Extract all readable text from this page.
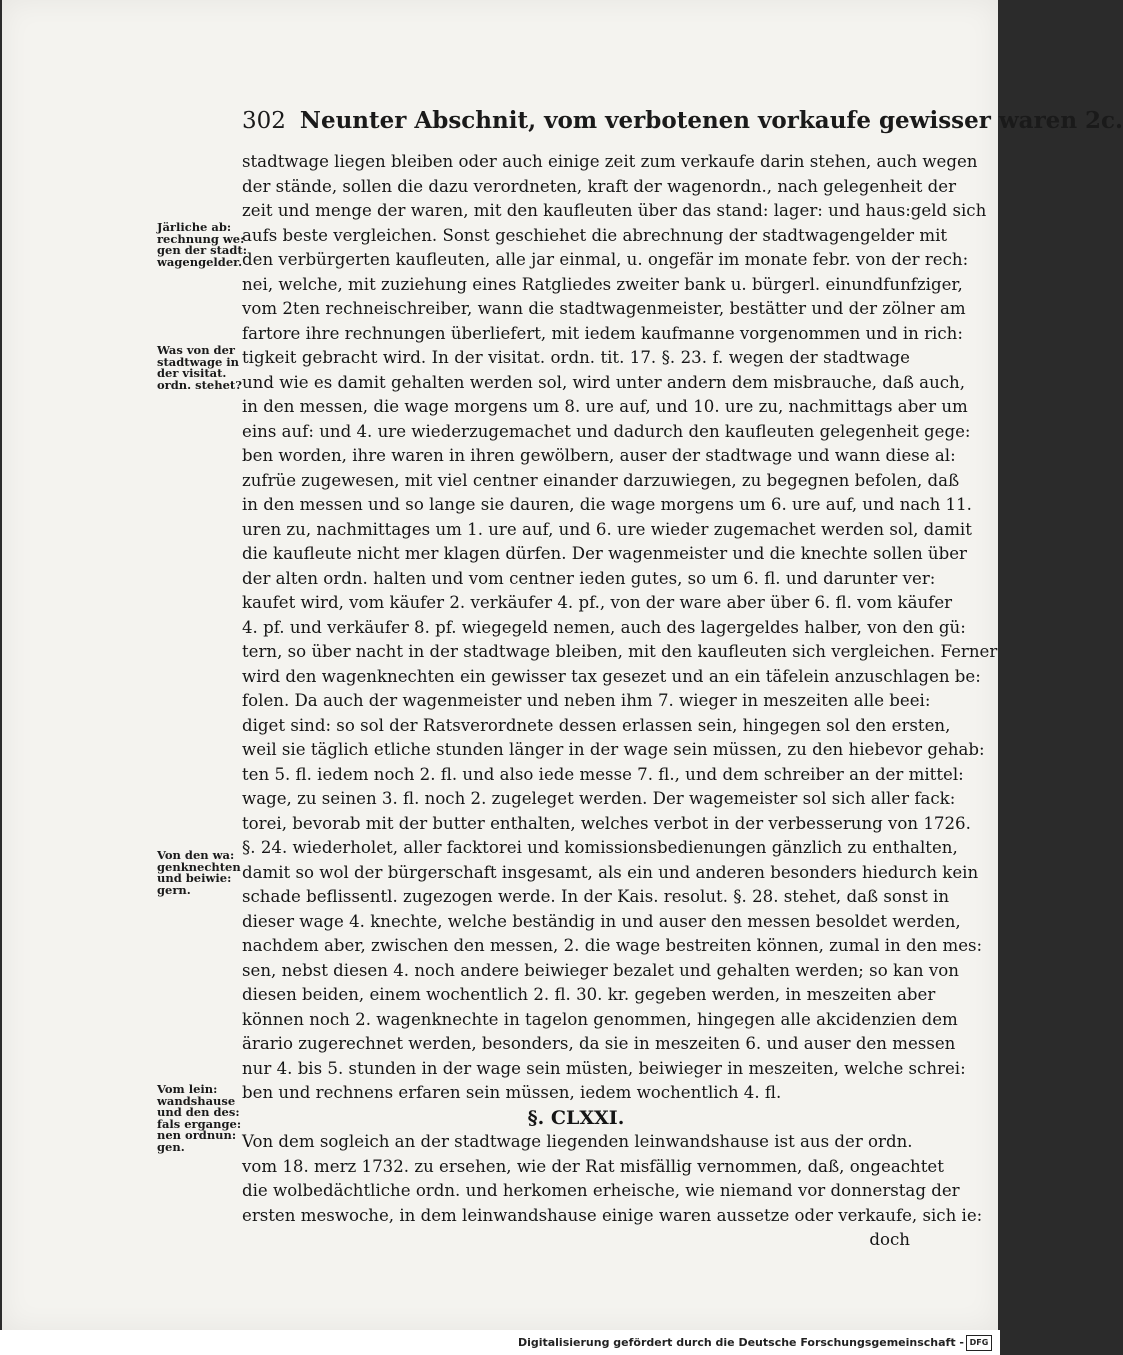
302 Neunter Abschnit, vom verbotenen vorkaufe gewisser waren 2c.
stadtwage liegen bleiben oder auch einige zeit zum verkaufe darin stehen, auch wegen
der stände, sollen die dazu verordneten, kraft der wagenordn., nach gelegenheit der
zeit und menge der waren, mit den kaufleuten über das stand: lager: und haus:geld sich
aufs beste vergleichen. Sonst geschiehet die abrechnung der stadtwagengelder mit
den verbürgerten kaufleuten, alle jar einmal, u. ongefär im monate febr. von der rech:
nei, welche, mit zuziehung eines Ratgliedes zweiter bank u. bürgerl. einundfunfziger,
vom 2ten rechneischreiber, wann die stadtwagenmeister, bestätter und der zölner am
fartore ihre rechnungen überliefert, mit iedem kaufmanne vorgenommen und in rich:
tigkeit gebracht wird. In der visitat. ordn. tit. 17. §. 23. f. wegen der stadtwage
und wie es damit gehalten werden sol, wird unter andern dem misbrauche, daß auch,
in den messen, die wage morgens um 8. ure auf, und 10. ure zu, nachmittags aber um
eins auf: und 4. ure wiederzugemachet und dadurch den kaufleuten gelegenheit gege:
ben worden, ihre waren in ihren gewölbern, auser der stadtwage und wann diese al:
zufrüe zugewesen, mit viel centner einander darzuwiegen, zu begegnen befolen, daß
in den messen und so lange sie dauren, die wage morgens um 6. ure auf, und nach 11.
uren zu, nachmittages um 1. ure auf, und 6. ure wieder zugemachet werden sol, damit
die kaufleute nicht mer klagen dürfen. Der wagenmeister und die knechte sollen über
der alten ordn. halten und vom centner ieden gutes, so um 6. fl. und darunter ver:
kaufet wird, vom käufer 2. verkäufer 4. pf., von der ware aber über 6. fl. vom käufer
4. pf. und verkäufer 8. pf. wiegegeld nemen, auch des lagergeldes halber, von den gü:
tern, so über nacht in der stadtwage bleiben, mit den kaufleuten sich vergleichen. Ferner
wird den wagenknechten ein gewisser tax gesezet und an ein täfelein anzuschlagen be:
folen. Da auch der wagenmeister und neben ihm 7. wieger in meszeiten alle beei:
diget sind: so sol der Ratsverordnete dessen erlassen sein, hingegen sol den ersten,
weil sie täglich etliche stunden länger in der wage sein müssen, zu den hiebevor gehab:
ten 5. fl. iedem noch 2. fl. und also iede messe 7. fl., und dem schreiber an der mittel:
wage, zu seinen 3. fl. noch 2. zugeleget werden. Der wagemeister sol sich aller fack:
torei, bevorab mit der butter enthalten, welches verbot in der verbesserung von 1726.
§. 24. wiederholet, aller facktorei und komissionsbedienungen gänzlich zu enthalten,
damit so wol der bürgerschaft insgesamt, als ein und anderen besonders hiedurch kein
schade beflissentl. zugezogen werde. In der Kais. resolut. §. 28. stehet, daß sonst in
dieser wage 4. knechte, welche beständig in und auser den messen besoldet werden,
nachdem aber, zwischen den messen, 2. die wage bestreiten können, zumal in den mes:
sen, nebst diesen 4. noch andere beiwieger bezalet und gehalten werden; so kan von
diesen beiden, einem wochentlich 2. fl. 30. kr. gegeben werden, in meszeiten aber
können noch 2. wagenknechte in tagelon genommen, hingegen alle akcidenzien dem
ärario zugerechnet werden, besonders, da sie in meszeiten 6. und auser den messen
nur 4. bis 5. stunden in der wage sein müsten, beiwieger in meszeiten, welche schrei:
ben und rechnens erfaren sein müssen, iedem wochentlich 4. fl.
§. CLXXI.
Von dem sogleich an der stadtwage liegenden leinwandshause ist aus der ordn.
vom 18. merz 1732. zu ersehen, wie der Rat misfällig vernommen, daß, ongeachtet
die wolbedächtliche ordn. und herkomen erheische, wie niemand vor donnerstag der
ersten meswoche, in dem leinwandshause einige waren aussetze oder verkaufe, sich ie:
doch
Järliche ab:
rechnung we:
gen der stadt:
wagengelder.
Was von der
stadtwage in
der visitat.
ordn. stehet?
Von den wa:
genknechten
und beiwie:
gern.
Vom lein:
wandshause
und den des:
fals ergange:
nen ordnun:
gen.
Digitalisierung gefördert durch die Deutsche Forschungsgemeinschaft - DFG
